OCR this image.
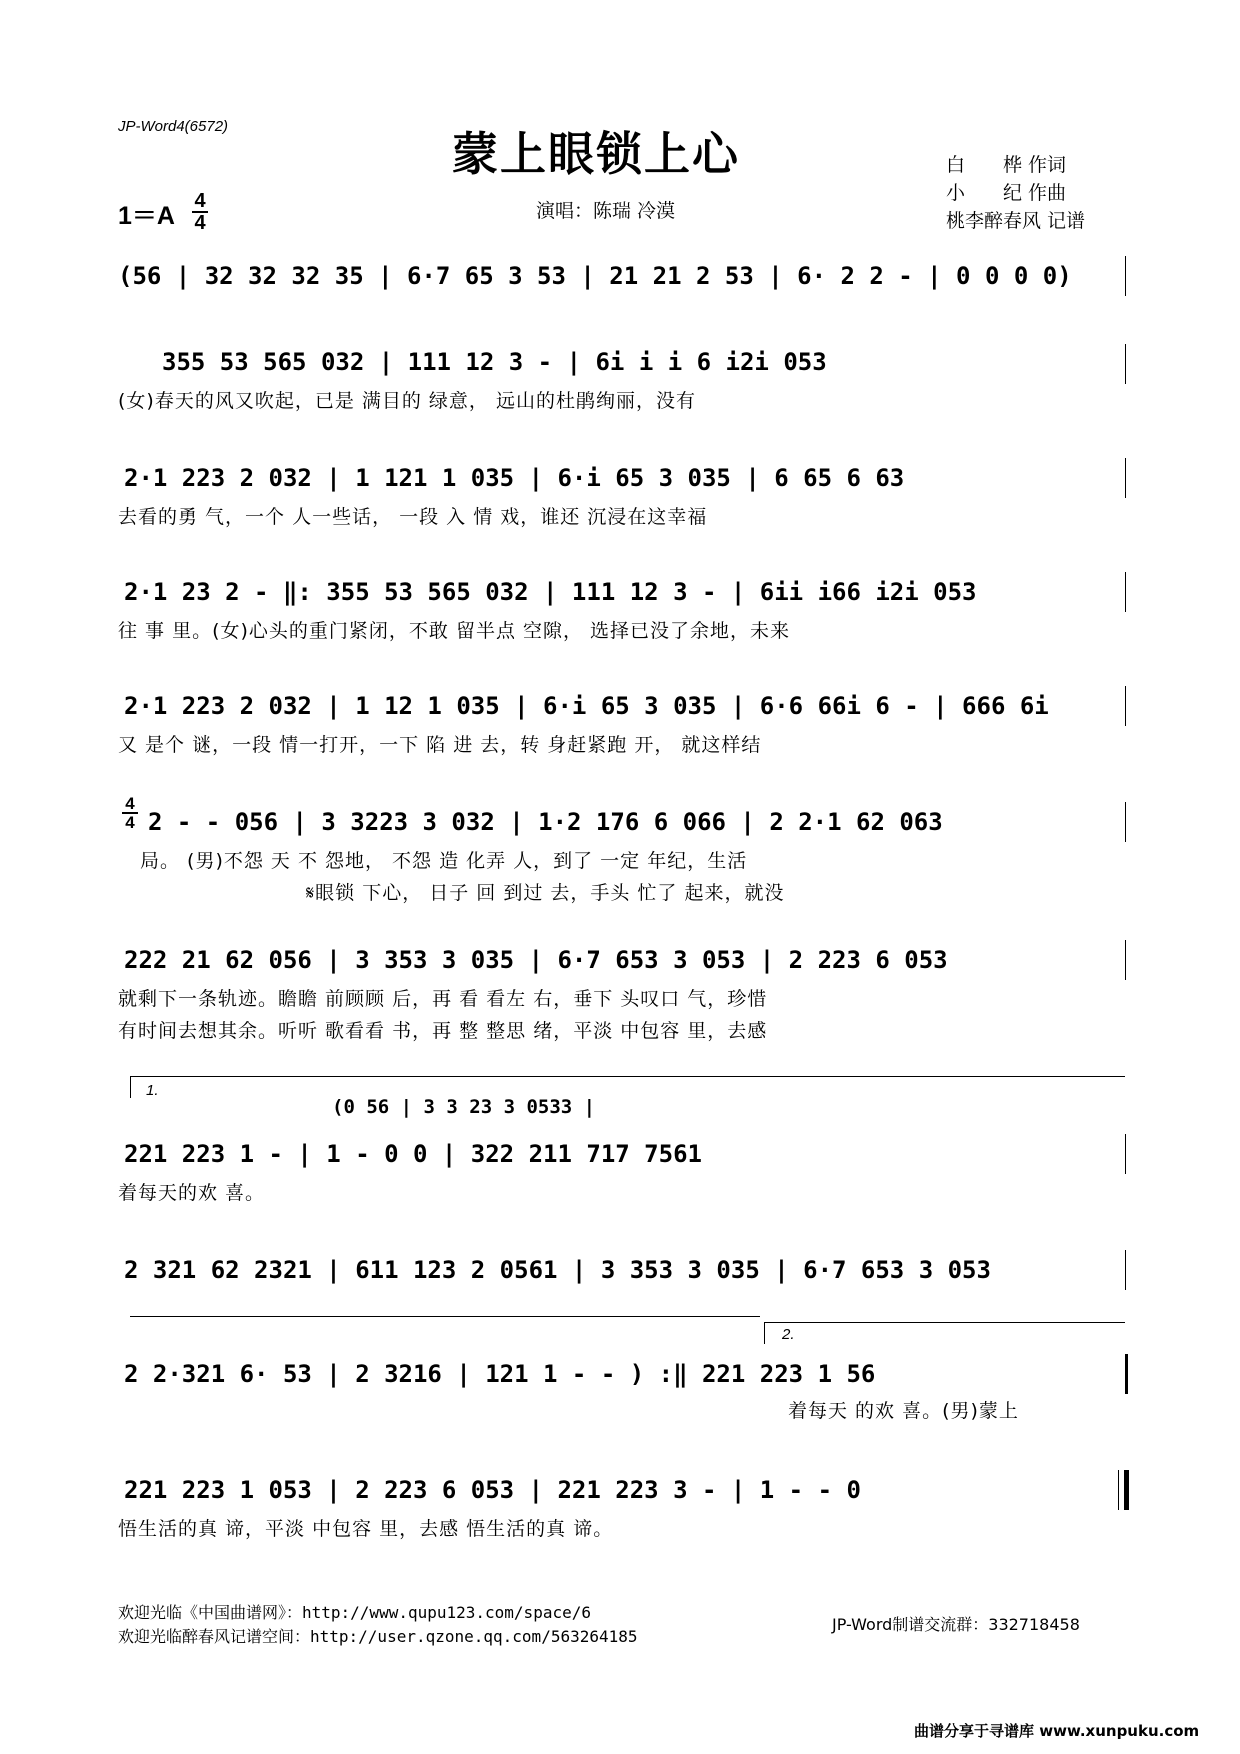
JP-Word4(6572)
蒙上眼锁上心	白　　桦 作词
小　　纪 作曲
桃李醉春风 记谱
1＝A
4
4
演唱：陈瑞 冷漠
(56 | 32 32 32 35 | 6·7 65 3 53 | 21 21 2 53 | 6· 2 2 - | 0 0 0 0)
355 53 565 032 | 111 12 3 - | 6i i i 6 i2i 053
(女)春天的风又吹起，已是 满目的 绿意， 远山的杜鹃绚丽，没有
2·1 223 2 032 | 1 121 1 035 | 6·i 65 3 035 | 6 65 6 63
去看的勇 气，一个 人一些话， 一段 入 情 戏，谁还 沉浸在这幸福
2·1 23 2 - ‖: 355 53 565 032 | 111 12 3 - | 6ii i66 i2i 053
往 事 里。(女)心头的重门紧闭，不敢 留半点 空隙， 选择已没了余地，未来
2·1 223 2 032 | 1 12 1 035 | 6·i 65 3 035 | 6·6 66i 6 - | 666 6i
又 是个 谜，一段 情一打开，一下 陷 进 去，转 身赶紧跑 开， 就这样结
4
4 2 - - 056 | 3 3223 3 032 | 1·2 176 6 066 | 2 2·1 62 063
局。 (男)不怨 天 不 怨地， 不怨 造 化弄 人，到了 一定 年纪，生活
𝄋眼锁 下心， 日子 回 到过 去，手头 忙了 起来，就没
222 21 62 056 | 3 353 3 035 | 6·7 653 3 053 | 2 223 6 053
就剩下一条轨迹。瞻瞻 前顾顾 后，再 看 看左 右，垂下 头叹口 气，珍惜
有时间去想其余。听听 歌看看 书，再 整 整思 绪，平淡 中包容 里，去感
1.
(0 56 | 3 3 23 3 0533 |
221 223 1 - | 1 - 0 0 | 322 211 717 7561
着每天的欢 喜。
2 321 62 2321 | 611 123 2 0561 | 3 353 3 035 | 6·7 653 3 053
2.
2 2·321 6· 53 | 2 3216 | 121 1 - - ) :‖ 221 223 1 56
着每天 的欢 喜。(男)蒙上
221 223 1 053 | 2 223 6 053 | 221 223 3 - | 1 - - 0
悟生活的真 谛，平淡 中包容 里，去感 悟生活的真 谛。
欢迎光临《中国曲谱网》：http://www.qupu123.com/space/6
欢迎光临醉春风记谱空间：http://user.qzone.qq.com/563264185
JP-Word制谱交流群：332718458
曲谱分享于寻谱库 www.xunpuku.com
